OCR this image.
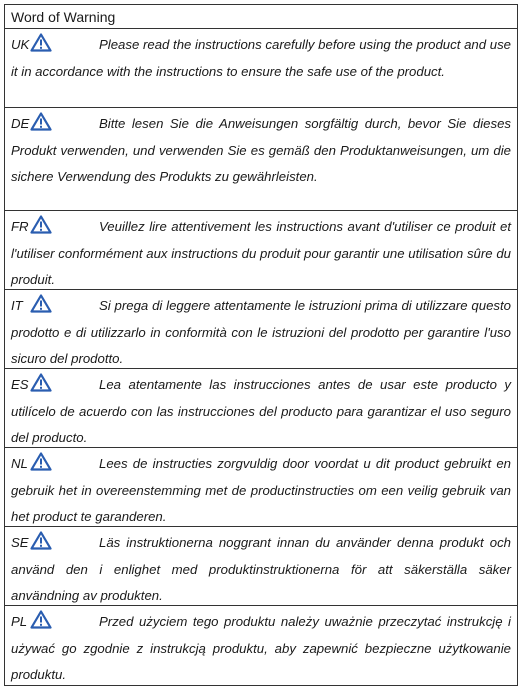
Word of Warning
UK	Please read the instructions carefully before using the product and use it in accordance with the instructions to ensure the safe use of the product.
DE	Bitte lesen Sie die Anweisungen sorgfältig durch, bevor Sie dieses Produkt verwenden, und verwenden Sie es gemäß den Produktanweisungen, um die sichere Verwendung des Produkts zu gewährleisten.
FR	Veuillez lire attentivement les instructions avant d'utiliser ce produit et l'utiliser conformément aux instructions du produit pour garantir une utilisation sûre du produit.
IT	Si prega di leggere attentamente le istruzioni prima di utilizzare questo prodotto e di utilizzarlo in conformità con le istruzioni del prodotto per garantire l'uso sicuro del prodotto.
ES	Lea atentamente las instrucciones antes de usar este producto y utilícelo de acuerdo con las instrucciones del producto para garantizar el uso seguro del producto.
NL	Lees de instructies zorgvuldig door voordat u dit product gebruikt en gebruik het in overeenstemming met de productinstructies om een veilig gebruik van het product te garanderen.
SE	Läs instruktionerna noggrant innan du använder denna produkt och använd den i enlighet med produktinstruktionerna för att säkerställa säker användning av produkten.
PL	Przed użyciem tego produktu należy uważnie przeczytać instrukcję i używać go zgodnie z instrukcją produktu, aby zapewnić bezpieczne użytkowanie produktu.
